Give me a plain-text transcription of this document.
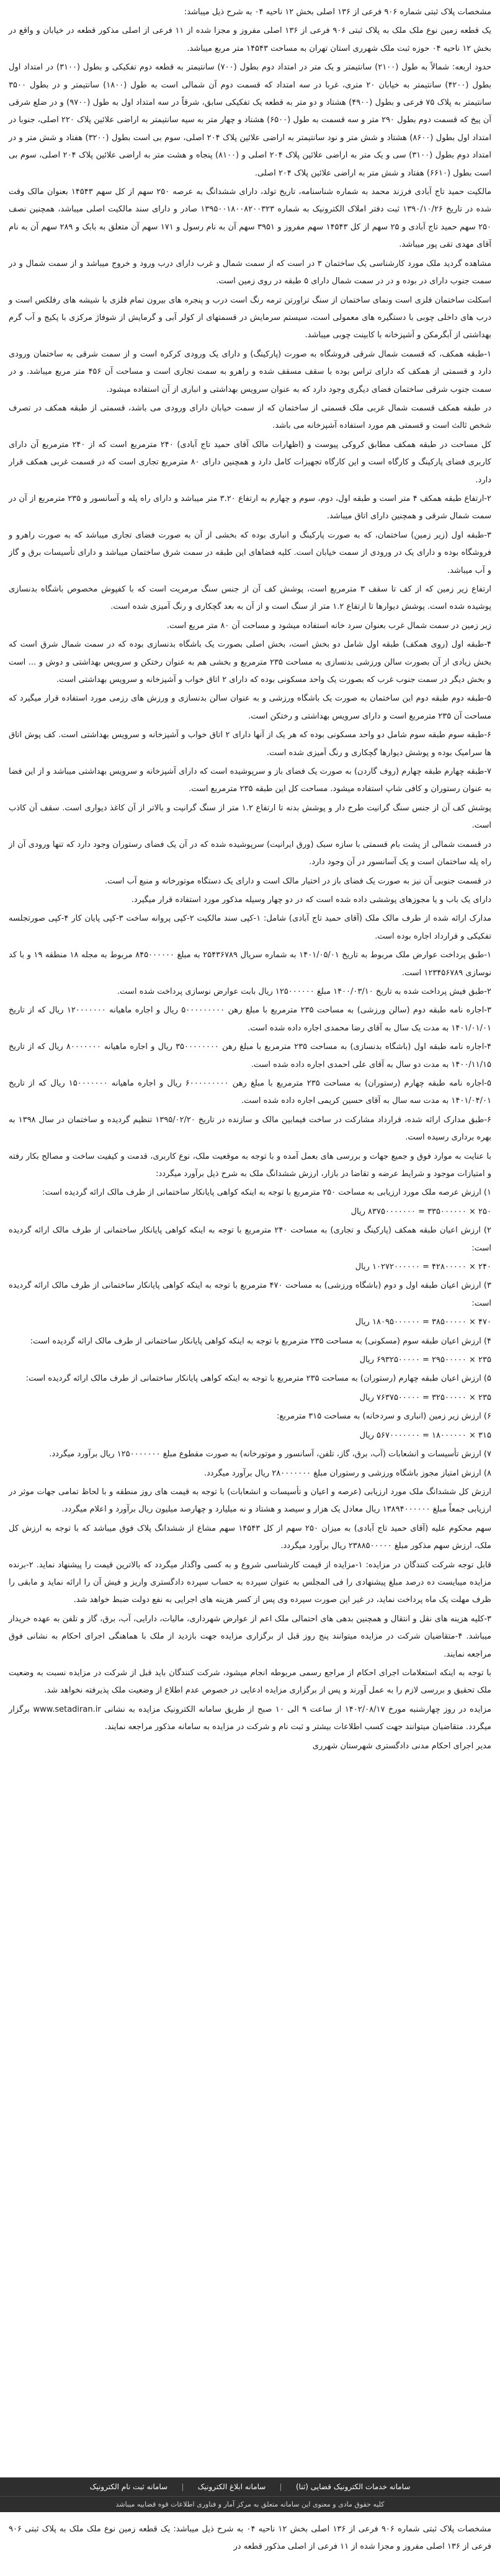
مشخصات پلاک ثبتی شماره ۹۰۶ فرعی از ۱۳۶ اصلی بخش ۱۲ ناحیه ۰۴ به شرح ذیل میباشد:

یک قطعه زمین نوع ملک ملک به پلاک ثبتی ۹۰۶ فرعی از ۱۳۶ اصلی مفروز و مجزا شده از ۱۱ فرعی از اصلی مذکور قطعه در خیابان و واقع در بخش ۱۲ ناحیه ۰۴ حوزه ثبت ملک شهرری استان تهران به مساحت ۱۴۵۴۳ متر مربع میباشد.

حدود اربعه: شمالاً به طول (۲۱۰۰) سانتیمتر و یک متر در امتداد دوم بطول (۷۰۰) سانتیمتر به قطعه دوم تفکیکی و بطول (۳۱۰۰) در امتداد اول بطول (۴۲۰۰) سانتیمتر به خیابان ۲۰ متری، غربا در سه امتداد که قسمت دوم آن شمالی است به طول (۱۸۰۰) سانتیمتر و در بطول ۳۵۰۰ سانتیمتر به پلاک ۷۵ فرعی و بطول (۴۹۰۰) هشتاد و دو متر به قطعه یک تفکیکی سابق، شرقاً در سه امتداد اول به طول (۹۷۰۰) و در ضلع شرقی آن پیخ که قسمت دوم بطول ۲۹۰ متر و سه قسمت به طول (۶۵۰۰) هشتاد و چهار متر به سیه سانتیمتر به اراضی علائین پلاک ۲۲۰ اصلی، جنوبا در امتداد اول بطول (۸۶۰۰) هشتاد و شش متر و نود سانتیمتر به اراضی علائین پلاک ۲۰۴ اصلی، سوم بی است بطول (۳۲۰۰) هفتاد و شش متر و در امتداد دوم بطول (۳۱۰۰) سی و یک متر به اراضی علائین پلاک ۲۰۴ اصلی و (۸۱۰۰) پنجاه و هشت متر به اراضی علائین پلاک ۲۰۴ اصلی، سوم بی است بطول (۶۶۱۰) هفتاد و شش متر به اراضی علائین پلاک ۲۰۴ اصلی.

مالکیت حمید تاج آبادی فرزند محمد به شماره شناسنامه، تاریخ تولد، دارای ششدانگ به عرصه ۲۵۰ سهم از کل سهم ۱۴۵۴۳ بعنوان مالک وقت شده در تاریخ ۱۳۹۰/۱۰/۲۶ ثبت دفتر املاک الکترونیک به شماره ۱۳۹۵۰۰۱۸۰۰۸۲۰۰۳۲۳ صادر و دارای سند مالکیت اصلی میباشد، همچنین نصف ۲۵۰ سهم حمید تاج آبادی و ۲۵ سهم از کل ۱۴۵۴۳ سهم مفروز و ۳۹۵۱ سهم آن به نام رسول و ۱۷۱ سهم آن متعلق به بابک و ۲۸۹ سهم آن به نام آقای مهدی تقی پور میباشد.

مشاهده گردید ملک مورد کارشناسی یک ساختمان ۳ در است که از سمت شمال و غرب دارای درب ورود و خروج میباشد و از سمت شمال و در سمت جنوب دارای در بوده و در در سمت شمال دارای ۵ طبقه در روی زمین است.

اسکلت ساختمان فلزی است ونمای ساختمان از سنگ تراورتن ترمه رنگ است درب و پنجره های بیرون تمام فلزی با شیشه های رفلکس است و درب های داخلی چوبی با دستگیره های معمولی است، سیستم سرمایش در قسمتهای از کولر آبی و گرمایش از شوفاژ مرکزی با پکیج و آب گرم بهداشتی از آبگرمکن و آشپزخانه با کابینت چوبی میباشد.

۱-طبقه همکف، که قسمت شمال شرقی فروشگاه به صورت (پارکینگ) و دارای یک ورودی کرکره است و از سمت شرقی به ساختمان ورودی دارد و قسمتی از همکف که دارای تراس بوده با سقف مسقف شده و راهرو به سمت تجاری است و مساحت آن ۴۵۶ متر مربع میباشد. و در سمت جنوب شرقی ساختمان فضای دیگری وجود دارد که به عنوان سرویس بهداشتی و انباری از آن استفاده میشود.

در طبقه همکف قسمت شمال غربی ملک قسمتی از ساختمان که از سمت خیابان دارای ورودی می باشد، قسمتی از طبقه همکف در تصرف شخص ثالث است و قسمتی هم مورد استفاده آشپزخانه می باشد.

کل مساحت در طبقه همکف مطابق کروکی پیوست و (اظهارات مالک آقای حمید تاج آبادی) ۲۴۰ مترمربع است که از ۲۴۰ مترمربع آن دارای کاربری فضای پارکینگ و کارگاه است و این کارگاه تجهیزات کامل دارد و همچنین دارای ۸۰ مترمربع تجاری است که در قسمت غربی همکف قرار دارد.

۲-ارتفاع طبقه همکف ۴ متر است و طبقه اول، دوم، سوم و چهارم به ارتفاع ۳.۲۰ متر میباشد و دارای راه پله و آسانسور و ۲۳۵ مترمربع از آن در سمت شمال شرقی و همچنین دارای اتاق میباشد.

۳-طبقه اول (زیر زمین) ساختمان، که به صورت پارکینگ و انباری بوده که بخشی از آن به صورت فضای تجاری میباشد که به صورت راهرو و فروشگاه بوده و دارای یک در ورودی از سمت خیابان است. کلیه فضاهای این طبقه در سمت شرق ساختمان میباشد و دارای تأسیسات برق و گاز و آب میباشد.

ارتفاع زیر زمین که از کف تا سقف ۳ مترمربع است، پوشش کف آن از جنس سنگ مرمریت است که با کفپوش مخصوص باشگاه بدنسازی پوشیده شده است. پوشش دیوارها تا ارتفاع ۱.۲ متر از سنگ است و از آن به بعد گچکاری و رنگ آمیزی شده است.

زیر زمین در سمت شمال غرب بعنوان سرد خانه استفاده میشود و مساحت آن ۸۰ متر مربع است.

۴-طبقه اول (روی همکف) طبقه اول شامل دو بخش است، بخش اصلی بصورت یک باشگاه بدنسازی بوده که در سمت شمال شرق است که بخش زیادی از آن بصورت سالن ورزشی بدنسازی به مساحت ۲۳۵ مترمربع و بخشی هم به عنوان رختکن و سرویس بهداشتی و دوش و ... است و بخش دیگر در سمت جنوب غرب که بصورت یک واحد مسکونی بوده که دارای ۲ اتاق خواب و آشپزخانه و سرویس بهداشتی است.

۵-طبقه دوم طبقه دوم این ساختمان به صورت یک باشگاه ورزشی و به عنوان سالن بدنسازی و ورزش های رزمی مورد استفاده قرار میگیرد که مساحت آن ۲۳۵ مترمربع است و دارای سرویس بهداشتی و رختکن است.

۶-طبقه سوم طبقه سوم شامل دو واحد مسکونی بوده که هر یک از آنها دارای ۲ اتاق خواب و آشپزخانه و سرویس بهداشتی است. کف پوش اتاق ها سرامیک بوده و پوشش دیوارها گچکاری و رنگ آمیزی شده است.

۷-طبقه چهارم طبقه چهارم (روف گاردن) به صورت یک فضای باز و سرپوشیده است که دارای آشپزخانه و سرویس بهداشتی میباشد و از این فضا به عنوان رستوران و کافی شاپ استفاده میشود. مساحت کل این طبقه ۲۳۵ مترمربع است.

پوشش کف آن از جنس سنگ گرانیت طرح دار و پوشش بدنه تا ارتفاع ۱.۲ متر از سنگ گرانیت و بالاتر از آن کاغذ دیواری است. سقف آن کاذب است.

در قسمت شمالی از پشت بام قسمتی با سازه سبک (ورق ایرانیت) سرپوشیده شده که در آن یک فضای رستوران وجود دارد که تنها ورودی آن از راه پله ساختمان است و یک آسانسور در آن وجود دارد.

در قسمت جنوبی آن نیز به صورت یک فضای باز در اختیار مالک است و دارای یک دستگاه موتورخانه و منبع آب است.

دارای یک باب و یا مجوزهای پوششی داده شده است که در دو چهار وسیله مذکور مورد استفاده قرار میگیرد.

مدارک ارائه شده از طرف مالک ملک (آقای حمید تاج آبادی) شامل: ۱-کپی سند مالکیت ۲-کپی پروانه ساخت ۳-کپی پایان کار ۴-کپی صورتجلسه تفکیکی و قرارداد اجاره بوده است.

۱-طبق پرداخت عوارض ملک مربوط به تاریخ ۱۴۰۱/۰۵/۰۱ به شماره سریال ۲۵۴۳۶۷۸۹ به مبلغ ۸۴۵۰۰۰۰۰۰ مربوط به مجله ۱۸ منطقه ۱۹ و با کد نوسازی ۱۲۳۴۵۶۷۸۹ است.

۲-طبق فیش پرداخت شده به تاریخ ۱۴۰۰/۰۳/۱۰ مبلغ ۱۲۵۰۰۰۰۰۰ ریال بابت عوارض نوسازی پرداخت شده است.

۳-اجاره نامه طبقه دوم (سالن ورزشی) به مساحت ۲۳۵ مترمربع با مبلغ رهن ۵۰۰۰۰۰۰۰۰۰ ریال و اجاره ماهیانه ۱۲۰۰۰۰۰۰۰ ریال که از تاریخ ۱۴۰۱/۰۱/۰۱ به مدت یک سال به آقای رضا محمدی اجاره داده شده است.

۴-اجاره نامه طبقه اول (باشگاه بدنسازی) به مساحت ۲۳۵ مترمربع با مبلغ رهن ۳۵۰۰۰۰۰۰۰۰ ریال و اجاره ماهیانه ۸۰۰۰۰۰۰۰ ریال که از تاریخ ۱۴۰۰/۱۱/۱۵ به مدت دو سال به آقای علی احمدی اجاره داده شده است.

۵-اجاره نامه طبقه چهارم (رستوران) به مساحت ۲۳۵ مترمربع با مبلغ رهن ۶۰۰۰۰۰۰۰۰۰ ریال و اجاره ماهیانه ۱۵۰۰۰۰۰۰۰ ریال که از تاریخ ۱۴۰۱/۰۴/۰۱ به مدت سه سال به آقای حسین کریمی اجاره داده شده است.

۶-طبق مدارک ارائه شده، قرارداد مشارکت در ساخت فیمابین مالک و سازنده در تاریخ ۱۳۹۵/۰۲/۲۰ تنظیم گردیده و ساختمان در سال ۱۳۹۸ به بهره برداری رسیده است.

با عنایت به موارد فوق و جمیع جهات و بررسی های بعمل آمده و با توجه به موقعیت ملک، نوع کاربری، قدمت و کیفیت ساخت و مصالح بکار رفته و امتیازات موجود و شرایط عرضه و تقاضا در بازار، ارزش ششدانگ ملک به شرح ذیل برآورد میگردد:

۱) ارزش عرصه ملک مورد ارزیابی به مساحت ۲۵۰ مترمربع با توجه به اینکه کواهی پایانکار ساختمانی از طرف مالک ارائه گردیده است:

۲۵۰ × ۳۳۵۰۰۰۰۰۰ = ۸۳۷۵۰۰۰۰۰۰۰ ریال

۲) ارزش اعیان طبقه همکف (پارکینگ و تجاری) به مساحت ۲۴۰ مترمربع با توجه به اینکه کواهی پایانکار ساختمانی از طرف مالک ارائه گردیده است:

۲۴۰ × ۴۲۸۰۰۰۰۰ = ۱۰۲۷۲۰۰۰۰۰۰ ریال

۳) ارزش اعیان طبقه اول و دوم (باشگاه ورزشی) به مساحت ۴۷۰ مترمربع با توجه به اینکه کواهی پایانکار ساختمانی از طرف مالک ارائه گردیده است:

۴۷۰ × ۳۸۵۰۰۰۰۰ = ۱۸۰۹۵۰۰۰۰۰۰ ریال

۴) ارزش اعیان طبقه سوم (مسکونی) به مساحت ۲۳۵ مترمربع با توجه به اینکه کواهی پایانکار ساختمانی از طرف مالک ارائه گردیده است:

۲۳۵ × ۲۹۵۰۰۰۰۰ = ۶۹۳۲۵۰۰۰۰۰ ریال

۵) ارزش اعیان طبقه چهارم (رستوران) به مساحت ۲۳۵ مترمربع با توجه به اینکه کواهی پایانکار ساختمانی از طرف مالک ارائه گردیده است:

۲۳۵ × ۳۲۵۰۰۰۰۰ = ۷۶۳۷۵۰۰۰۰۰ ریال

۶) ارزش زیر زمین (انباری و سردخانه) به مساحت ۳۱۵ مترمربع:

۳۱۵ × ۱۸۰۰۰۰۰۰ = ۵۶۷۰۰۰۰۰۰۰ ریال

۷) ارزش تأسیسات و انشعابات (آب، برق، گاز، تلفن، آسانسور و موتورخانه) به صورت مقطوع مبلغ ۱۲۵۰۰۰۰۰۰۰ ریال برآورد میگردد.

۸) ارزش امتیاز مجوز باشگاه ورزشی و رستوران مبلغ ۲۸۰۰۰۰۰۰۰ ریال برآورد میگردد.

ارزش کل ششدانگ ملک مورد ارزیابی (عرصه و اعیان و تأسیسات و انشعابات) با توجه به قیمت های روز منطقه و با لحاظ تمامی جهات موثر در ارزیابی جمعاً مبلغ ۱۳۸۹۴۰۰۰۰۰۰ ریال معادل یک هزار و سیصد و هشتاد و نه میلیارد و چهارصد میلیون ریال برآورد و اعلام میگردد.

سهم محکوم علیه (آقای حمید تاج آبادی) به میزان ۲۵۰ سهم از کل ۱۴۵۴۳ سهم مشاع از ششدانگ پلاک فوق میباشد که با توجه به ارزش کل ملک، ارزش سهم مذکور مبلغ ۲۳۸۸۵۰۰۰۰۰ ریال برآورد میگردد.

قابل توجه شرکت کنندگان در مزایده: ۱-مزایده از قیمت کارشناسی شروع و به کسی واگذار میگردد که بالاترین قیمت را پیشنهاد نماید. ۲-برنده مزایده میبایست ده درصد مبلغ پیشنهادی را فی المجلس به عنوان سپرده به حساب سپرده دادگستری واریز و فیش آن را ارائه نماید و مابقی را ظرف مهلت یک ماه پرداخت نماید، در غیر این صورت سپرده وی پس از کسر هزینه های اجرایی به نفع دولت ضبط خواهد شد.

۳-کلیه هزینه های نقل و انتقال و همچنین بدهی های احتمالی ملک اعم از عوارض شهرداری، مالیات، دارایی، آب، برق، گاز و تلفن به عهده خریدار میباشد. ۴-متقاضیان شرکت در مزایده میتوانند پنج روز قبل از برگزاری مزایده جهت بازدید از ملک با هماهنگی اجرای احکام به نشانی فوق مراجعه نمایند.

با توجه به اینکه استعلامات اجرای احکام از مراجع رسمی مربوطه انجام میشود، شرکت کنندگان باید قبل از شرکت در مزایده نسبت به وضعیت ملک تحقیق و بررسی لازم را به عمل آورند و پس از برگزاری مزایده ادعایی در خصوص عدم اطلاع از وضعیت ملک پذیرفته نخواهد شد.

مزایده در روز چهارشنبه مورخ ۱۴۰۲/۰۸/۱۷ از ساعت ۹ الی ۱۰ صبح از طریق سامانه الکترونیک مزایده به نشانی www.setadiran.ir برگزار میگردد. متقاضیان میتوانند جهت کسب اطلاعات بیشتر و ثبت نام و شرکت در مزایده به سامانه مذکور مراجعه نمایند.

مدیر اجرای احکام مدنی دادگستری شهرستان شهرری

سامانه خدمات الکترونیک قضایی (ثنا)  سامانه ابلاغ الکترونیک  سامانه ثبت نام الکترونیک
کلیه حقوق مادی و معنوی این سامانه متعلق به مرکز آمار و فناوری اطلاعات قوه قضاییه میباشد
مشخصات پلاک ثبتی شماره ۹۰۶ فرعی از ۱۳۶ اصلی بخش ۱۲ ناحیه ۰۴ به شرح ذیل میباشد: یک قطعه زمین نوع ملک ملک به پلاک ثبتی ۹۰۶ فرعی از ۱۳۶ اصلی مفروز و مجزا شده از ۱۱ فرعی از اصلی مذکور قطعه در
